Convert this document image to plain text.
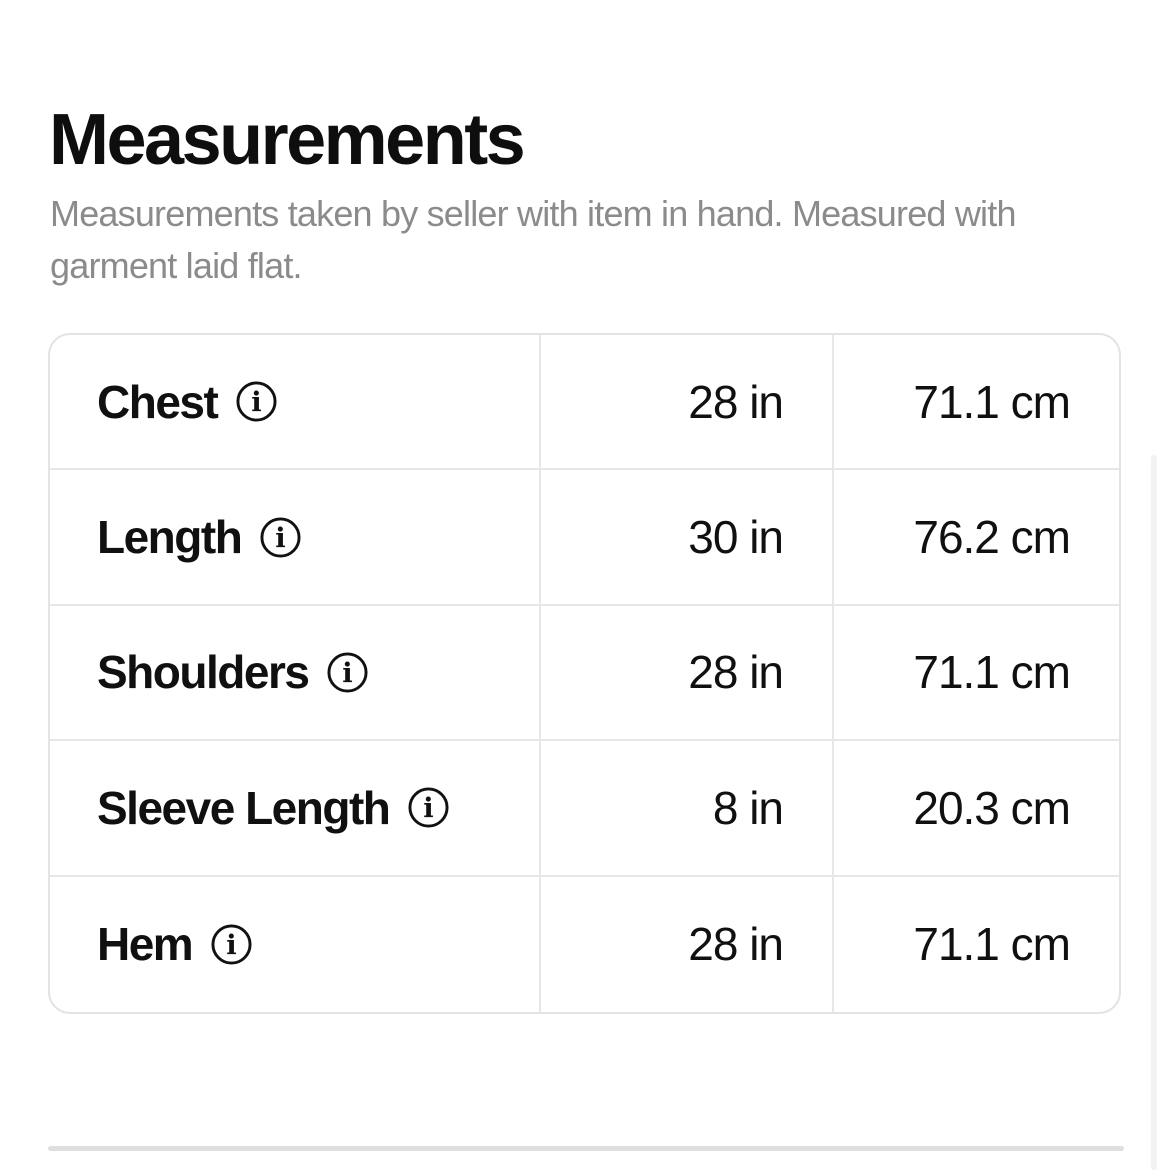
Measurements
Measurements taken by seller with item in hand. Measured with
garment laid flat.
Chest i	28 in	71.1 cm
Length i	30 in	76.2 cm
Shoulders i	28 in	71.1 cm
Sleeve Length i	8 in	20.3 cm
Hem i	28 in	71.1 cm
